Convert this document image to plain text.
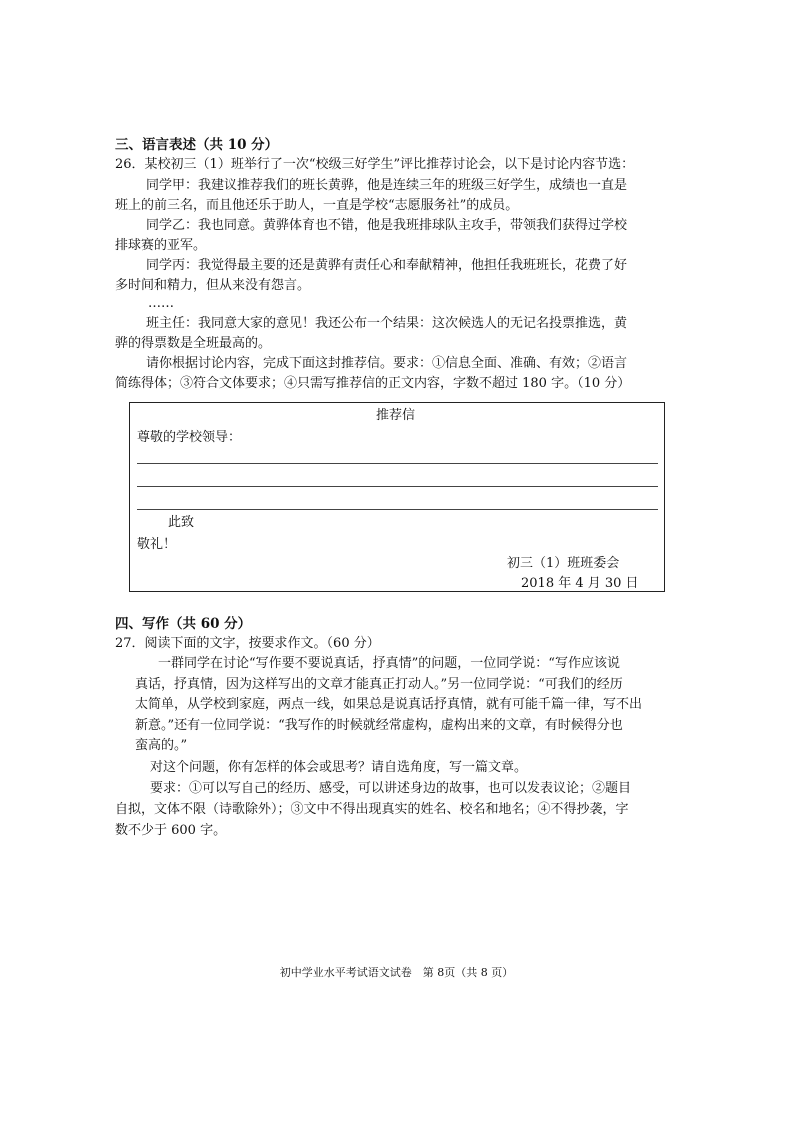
三、语言表述（共 10 分）
26．某校初三（1）班举行了一次“校级三好学生”评比推荐讨论会，以下是讨论内容节选：
同学甲：我建议推荐我们的班长黄骅，他是连续三年的班级三好学生，成绩也一直是
班上的前三名，而且他还乐于助人，一直是学校“志愿服务社”的成员。
同学乙：我也同意。黄骅体育也不错，他是我班排球队主攻手，带领我们获得过学校
排球赛的亚军。
同学丙：我觉得最主要的还是黄骅有责任心和奉献精神，他担任我班班长，花费了好
多时间和精力，但从来没有怨言。
……
班主任：我同意大家的意见！我还公布一个结果：这次候选人的无记名投票推选，黄
骅的得票数是全班最高的。
请你根据讨论内容，完成下面这封推荐信。要求：①信息全面、准确、有效；②语言
简练得体；③符合文体要求；④只需写推荐信的正文内容，字数不超过 180 字。（10 分）
推荐信
尊敬的学校领导：
此致
敬礼！
初三（1）班班委会
2018 年 4 月 30 日
四、写作（共 60 分）
27．阅读下面的文字，按要求作文。（60 分）
一群同学在讨论“写作要不要说真话，抒真情”的问题，一位同学说：“写作应该说
真话，抒真情，因为这样写出的文章才能真正打动人。”另一位同学说：“可我们的经历
太简单，从学校到家庭，两点一线，如果总是说真话抒真情，就有可能千篇一律，写不出
新意。”还有一位同学说：“我写作的时候就经常虚构，虚构出来的文章，有时候得分也
蛮高的。”
对这个问题，你有怎样的体会或思考？请自选角度，写一篇文章。
要求：①可以写自己的经历、感受，可以讲述身边的故事，也可以发表议论；②题目
自拟，文体不限（诗歌除外）；③文中不得出现真实的姓名、校名和地名；④不得抄袭，字
数不少于 600 字。
初中学业水平考试语文试卷　第 8页（共 8 页）
